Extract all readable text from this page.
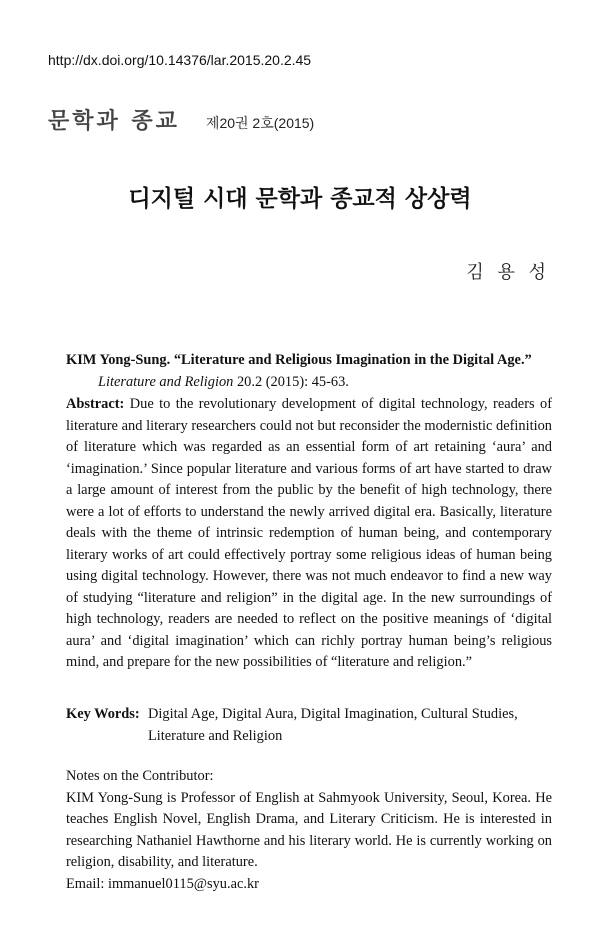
http://dx.doi.org/10.14376/lar.2015.20.2.45
문학과 종교 제20권 2호(2015)
디지털 시대 문학과 종교적 상상력
김 용 성
KIM Yong-Sung. “Literature and Religious Imagination in the Digital Age.”
Literature and Religion 20.2 (2015): 45-63.
Abstract: Due to the revolutionary development of digital technology, readers of literature and literary researchers could not but reconsider the modernistic definition of literature which was regarded as an essential form of art retaining ‘aura’ and ‘imagination.’ Since popular literature and various forms of art have started to draw a large amount of interest from the public by the benefit of high technology, there were a lot of efforts to understand the newly arrived digital era. Basically, literature deals with the theme of intrinsic redemption of human being, and contemporary literary works of art could effectively portray some religious ideas of human being using digital technology. However, there was not much endeavor to find a new way of studying “literature and religion” in the digital age. In the new surroundings of high technology, readers are needed to reflect on the positive meanings of ‘digital aura’ and ‘digital imagination’ which can richly portray human being’s religious mind, and prepare for the new possibilities of “literature and religion.”
Key Words: Digital Age, Digital Aura, Digital Imagination, Cultural Studies, Literature and Religion

Notes on the Contributor:

KIM Yong-Sung is Professor of English at Sahmyook University, Seoul, Korea. He teaches English Novel, English Drama, and Literary Criticism. He is interested in researching Nathaniel Hawthorne and his literary world. He is currently working on religion, disability, and literature.

Email: immanuel0115@syu.ac.kr
